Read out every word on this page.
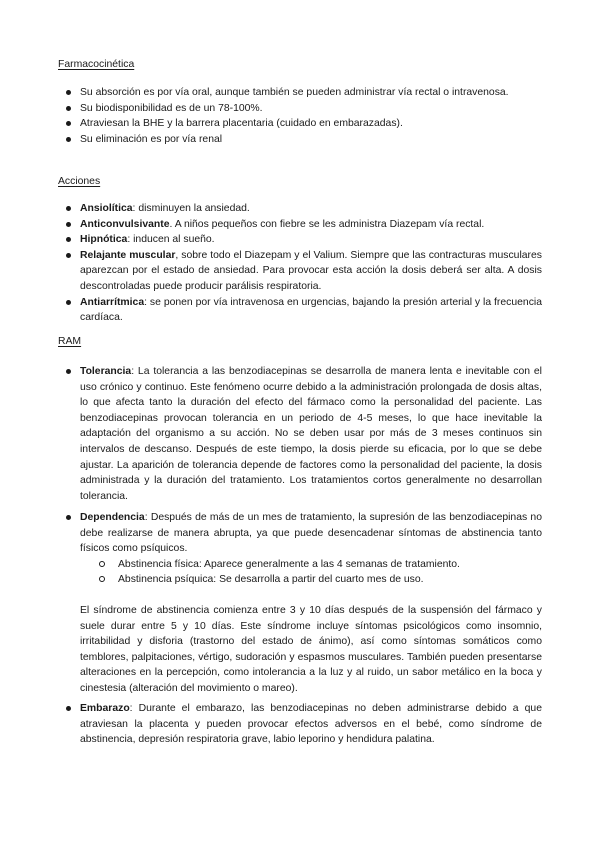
Farmacocinética
Su absorción es por vía oral, aunque también se pueden administrar vía rectal o intravenosa.
Su biodisponibilidad es de un 78-100%.
Atraviesan la BHE y la barrera placentaria (cuidado en embarazadas).
Su eliminación es por vía renal
Acciones
Ansiolítica: disminuyen la ansiedad.
Anticonvulsivante. A niños pequeños con fiebre se les administra Diazepam vía rectal.
Hipnótica: inducen al sueño.
Relajante muscular, sobre todo el Diazepam y el Valium. Siempre que las contracturas musculares aparezcan por el estado de ansiedad. Para provocar esta acción la dosis deberá ser alta. A dosis descontroladas puede producir parálisis respiratoria.
Antiarrítmica: se ponen por vía intravenosa en urgencias, bajando la presión arterial y la frecuencia cardíaca.
RAM
Tolerancia: La tolerancia a las benzodiacepinas se desarrolla de manera lenta e inevitable con el uso crónico y continuo. Este fenómeno ocurre debido a la administración prolongada de dosis altas, lo que afecta tanto la duración del efecto del fármaco como la personalidad del paciente. Las benzodiacepinas provocan tolerancia en un periodo de 4-5 meses, lo que hace inevitable la adaptación del organismo a su acción. No se deben usar por más de 3 meses continuos sin intervalos de descanso. Después de este tiempo, la dosis pierde su eficacia, por lo que se debe ajustar. La aparición de tolerancia depende de factores como la personalidad del paciente, la dosis administrada y la duración del tratamiento. Los tratamientos cortos generalmente no desarrollan tolerancia.
Dependencia: Después de más de un mes de tratamiento, la supresión de las benzodiacepinas no debe realizarse de manera abrupta, ya que puede desencadenar síntomas de abstinencia tanto físicos como psíquicos.
Abstinencia física: Aparece generalmente a las 4 semanas de tratamiento.
Abstinencia psíquica: Se desarrolla a partir del cuarto mes de uso.

El síndrome de abstinencia comienza entre 3 y 10 días después de la suspensión del fármaco y suele durar entre 5 y 10 días. Este síndrome incluye síntomas psicológicos como insomnio, irritabilidad y disforia (trastorno del estado de ánimo), así como síntomas somáticos como temblores, palpitaciones, vértigo, sudoración y espasmos musculares. También pueden presentarse alteraciones en la percepción, como intolerancia a la luz y al ruido, un sabor metálico en la boca y cinestesia (alteración del movimiento o mareo).

Embarazo: Durante el embarazo, las benzodiacepinas no deben administrarse debido a que atraviesan la placenta y pueden provocar efectos adversos en el bebé, como síndrome de abstinencia, depresión respiratoria grave, labio leporino y hendidura palatina.
